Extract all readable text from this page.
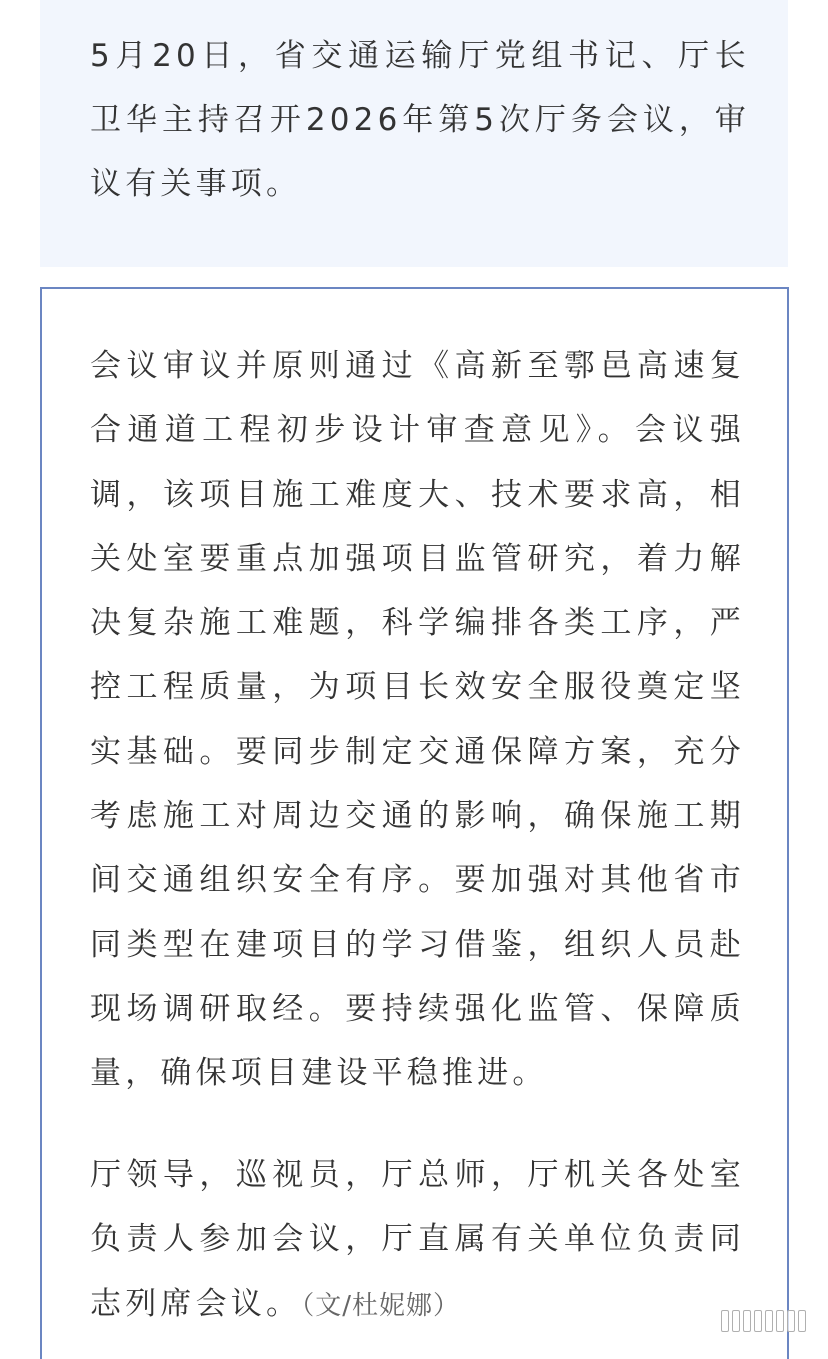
5月20日，省交通运输厅党组书记、厅长卫华主持召开2026年第5次厅务会议，审议有关事项。

会议审议并原则通过《高新至鄠邑高速复合通道工程初步设计审查意见》。会议强调，该项目施工难度大、技术要求高，相关处室要重点加强项目监管研究，着力解决复杂施工难题，科学编排各类工序，严控工程质量，为项目长效安全服役奠定坚实基础。要同步制定交通保障方案，充分考虑施工对周边交通的影响，确保施工期间交通组织安全有序。要加强对其他省市同类型在建项目的学习借鉴，组织人员赴现场调研取经。要持续强化监管、保障质量，确保项目建设平稳推进。

厅领导，巡视员，厅总师，厅机关各处室负责人参加会议，厅直属有关单位负责同志列席会议。（文/杜妮娜）
